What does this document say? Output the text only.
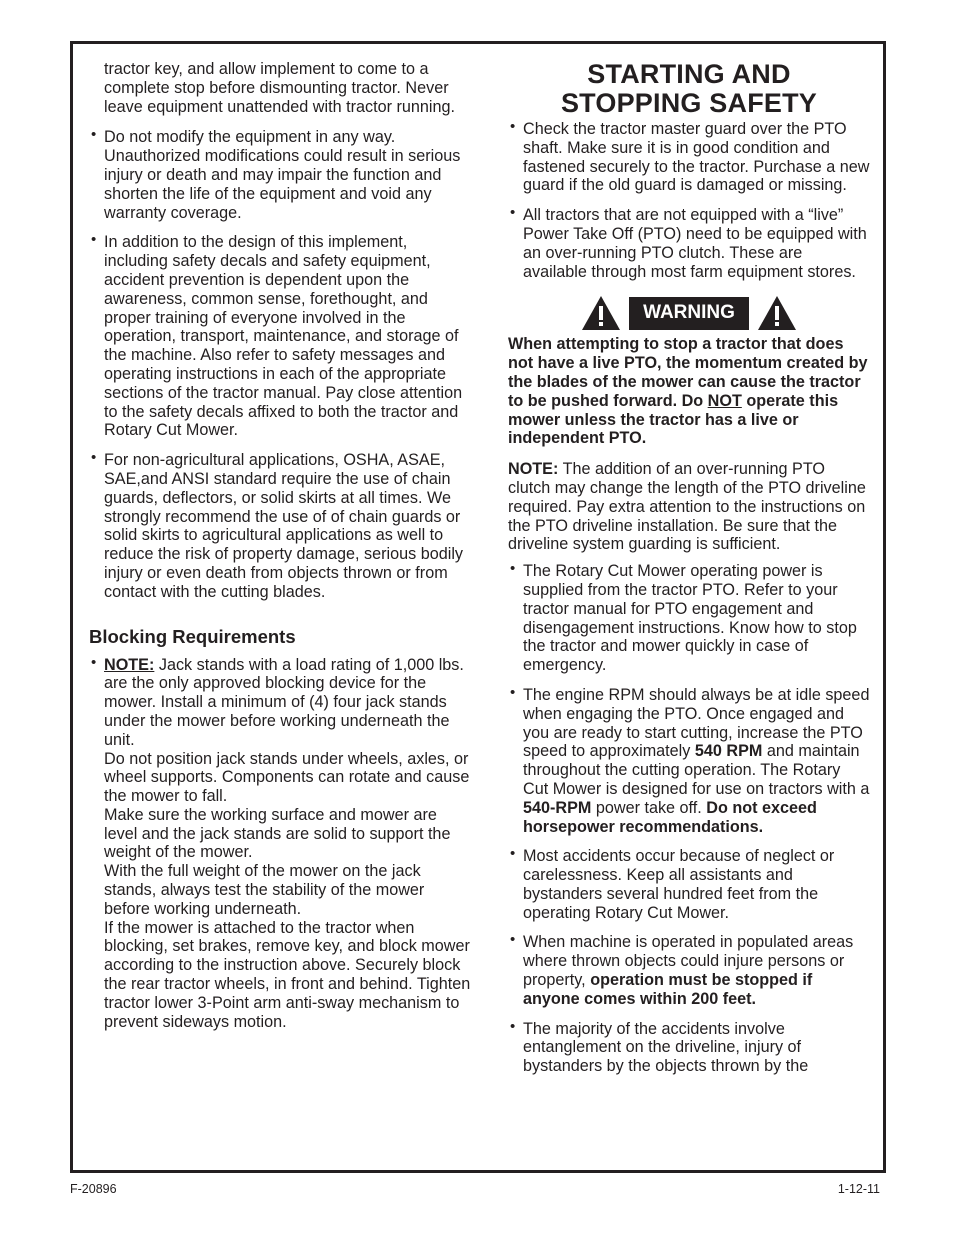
tractor key, and allow implement to come to a complete stop before dismounting tractor. Never leave equipment unattended with tractor running.

• Do not modify the equipment in any way. Unauthorized modifications could result in serious injury or death and may impair the function and shorten the life of the equipment and void any warranty coverage.

• In addition to the design of this implement, including safety decals and safety equipment, accident prevention is dependent upon the awareness, common sense, forethought, and proper training of everyone involved in the operation, transport, maintenance, and storage of the machine. Also refer to safety messages and operating instructions in each of the appropriate sections of the tractor manual. Pay close attention to the safety decals affixed to both the tractor and Rotary Cut Mower.

• For non-agricultural applications, OSHA, ASAE, SAE,and ANSI standard require the use of chain guards, deflectors, or solid skirts at all times. We strongly recommend the use of of chain guards or solid skirts to agricultural applications as well to reduce the risk of property damage, serious bodily injury or even death from objects thrown or from contact with the cutting blades.

Blocking Requirements
• NOTE: Jack stands with a load rating of 1,000 lbs. are the only approved blocking device for the mower. Install a minimum of (4) four jack stands under the mower before working underneath the unit.
Do not position jack stands under wheels, axles, or wheel supports. Components can rotate and cause the mower to fall.
Make sure the working surface and mower are level and the jack stands are solid to support the weight of the mower.
With the full weight of the mower on the jack stands, always test the stability of the mower before working underneath.
If the mower is attached to the tractor when blocking, set brakes, remove key, and block mower according to the instruction above. Securely block the rear tractor wheels, in front and behind. Tighten tractor lower 3-Point arm anti-sway mechanism to prevent sideways motion.
STARTING AND
STOPPING SAFETY

• Check the tractor master guard over the PTO shaft. Make sure it is in good condition and fastened securely to the tractor. Purchase a new guard if the old guard is damaged or missing.

• All tractors that are not equipped with a “live” Power Take Off (PTO) need to be equipped with an over-running PTO clutch. These are available through most farm equipment stores.

WARNING

When attempting to stop a tractor that does not have a live PTO, the momentum created by the blades of the mower can cause the tractor to be pushed forward. Do NOT operate this mower unless the tractor has a live or independent PTO.

NOTE: The addition of an over-running PTO clutch may change the length of the PTO driveline required. Pay extra attention to the instructions on the PTO driveline installation. Be sure that the driveline system guarding is sufficient.

• The Rotary Cut Mower operating power is supplied from the tractor PTO. Refer to your tractor manual for PTO engagement and disengagement instructions. Know how to stop the tractor and mower quickly in case of emergency.

• The engine RPM should always be at idle speed when engaging the PTO. Once engaged and you are ready to start cutting, increase the PTO speed to approximately 540 RPM and maintain throughout the cutting operation. The Rotary Cut Mower is designed for use on tractors with a 540-RPM power take off. Do not exceed horsepower recommendations.

• Most accidents occur because of neglect or carelessness. Keep all assistants and bystanders several hundred feet from the operating Rotary Cut Mower.

• When machine is operated in populated areas where thrown objects could injure persons or property, operation must be stopped if anyone comes within 200 feet.

• The majority of the accidents involve entanglement on the driveline, injury of bystanders by the objects thrown by the

F-20896	1-12-11
